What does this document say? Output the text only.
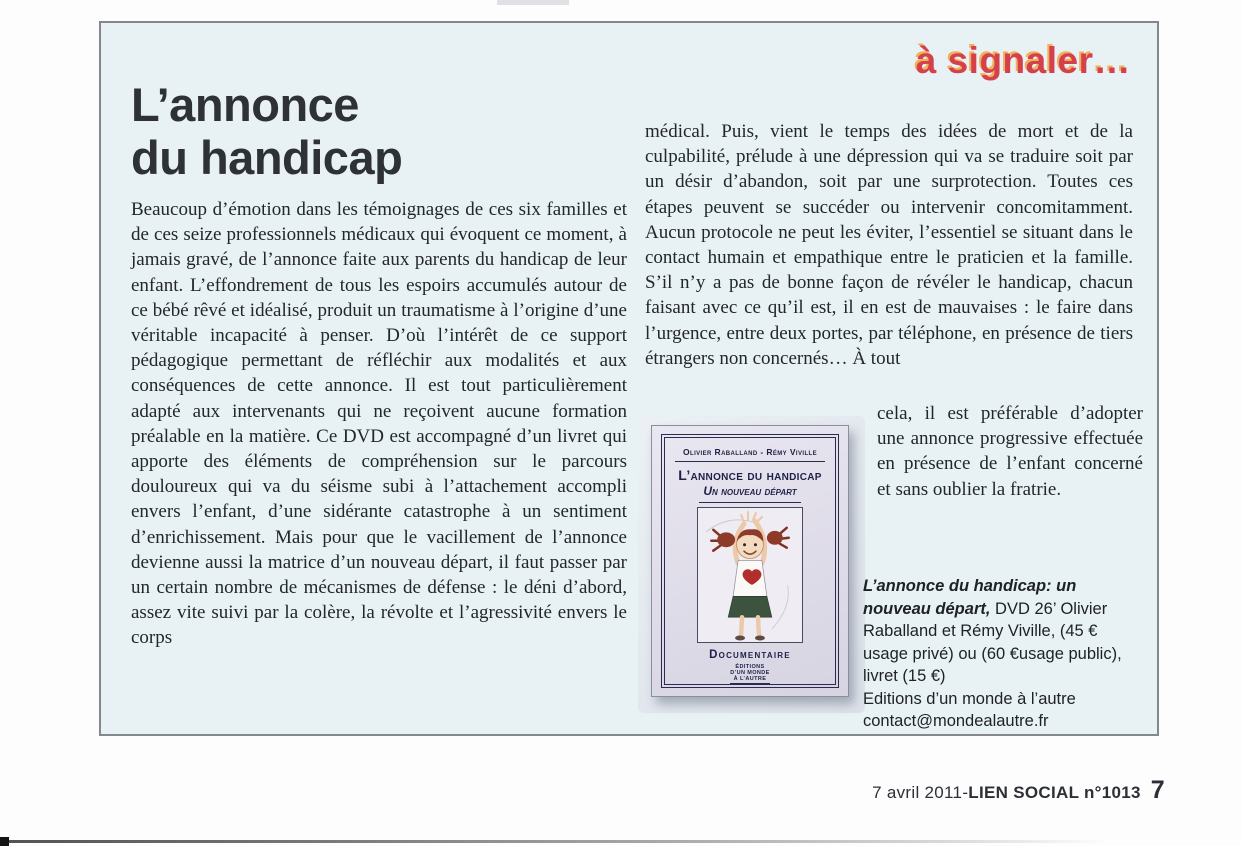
à signaler…
L’annonce
du handicap
Beaucoup d’émotion dans les témoignages de ces six familles et de ces seize professionnels médicaux qui évoquent ce moment, à jamais gravé, de l’annonce faite aux parents du handicap de leur enfant. L’effondrement de tous les espoirs accumulés autour de ce bébé rêvé et idéalisé, produit un traumatisme à l’origine d’une véritable incapacité à penser. D’où l’intérêt de ce support pédagogique permettant de réfléchir aux modalités et aux conséquences de cette annonce. Il est tout particulièrement adapté aux intervenants qui ne reçoivent aucune formation préalable en la matière. Ce DVD est accompagné d’un livret qui apporte des éléments de compréhension sur le parcours douloureux qui va du séisme subi à l’attachement accompli envers l’enfant, d’une sidérante catastrophe à un sentiment d’enrichissement. Mais pour que le vacillement de l’annonce devienne aussi la matrice d’un nouveau départ, il faut passer par un certain nombre de mécanismes de défense : le déni d’abord, assez vite suivi par la colère, la révolte et l’agressivité envers le corps
médical. Puis, vient le temps des idées de mort et de la culpabilité, prélude à une dépression qui va se traduire soit par un désir d’abandon, soit par une surprotection. Toutes ces étapes peuvent se succéder ou intervenir concomitamment. Aucun protocole ne peut les éviter, l’essentiel se situant dans le contact humain et empathique entre le praticien et la famille. S’il n’y a pas de bonne façon de révéler le handicap, chacun faisant avec ce qu’il est, il en est de mauvaises : le faire dans l’urgence, entre deux portes, par téléphone, en présence de tiers étrangers non concernés… À tout
cela, il est préférable d’adopter une annonce progressive effectuée en présence de l’enfant concerné et sans oublier la fratrie.
Olivier Raballand - Rémy Viville
L’annonce du handicap
Un nouveau départ
Documentaire
ÉDITIONS
D’UN MONDE
À L’AUTRE

L’annonce du handicap: un nouveau départ, DVD 26’ Olivier Raballand et Rémy Viville, (45 € usage privé) ou (60 €usage public), livret (15 €)

Editions d’un monde à l’autre

contact@mondealautre.fr

7 avril 2011 - LIEN SOCIAL n°1013 7
